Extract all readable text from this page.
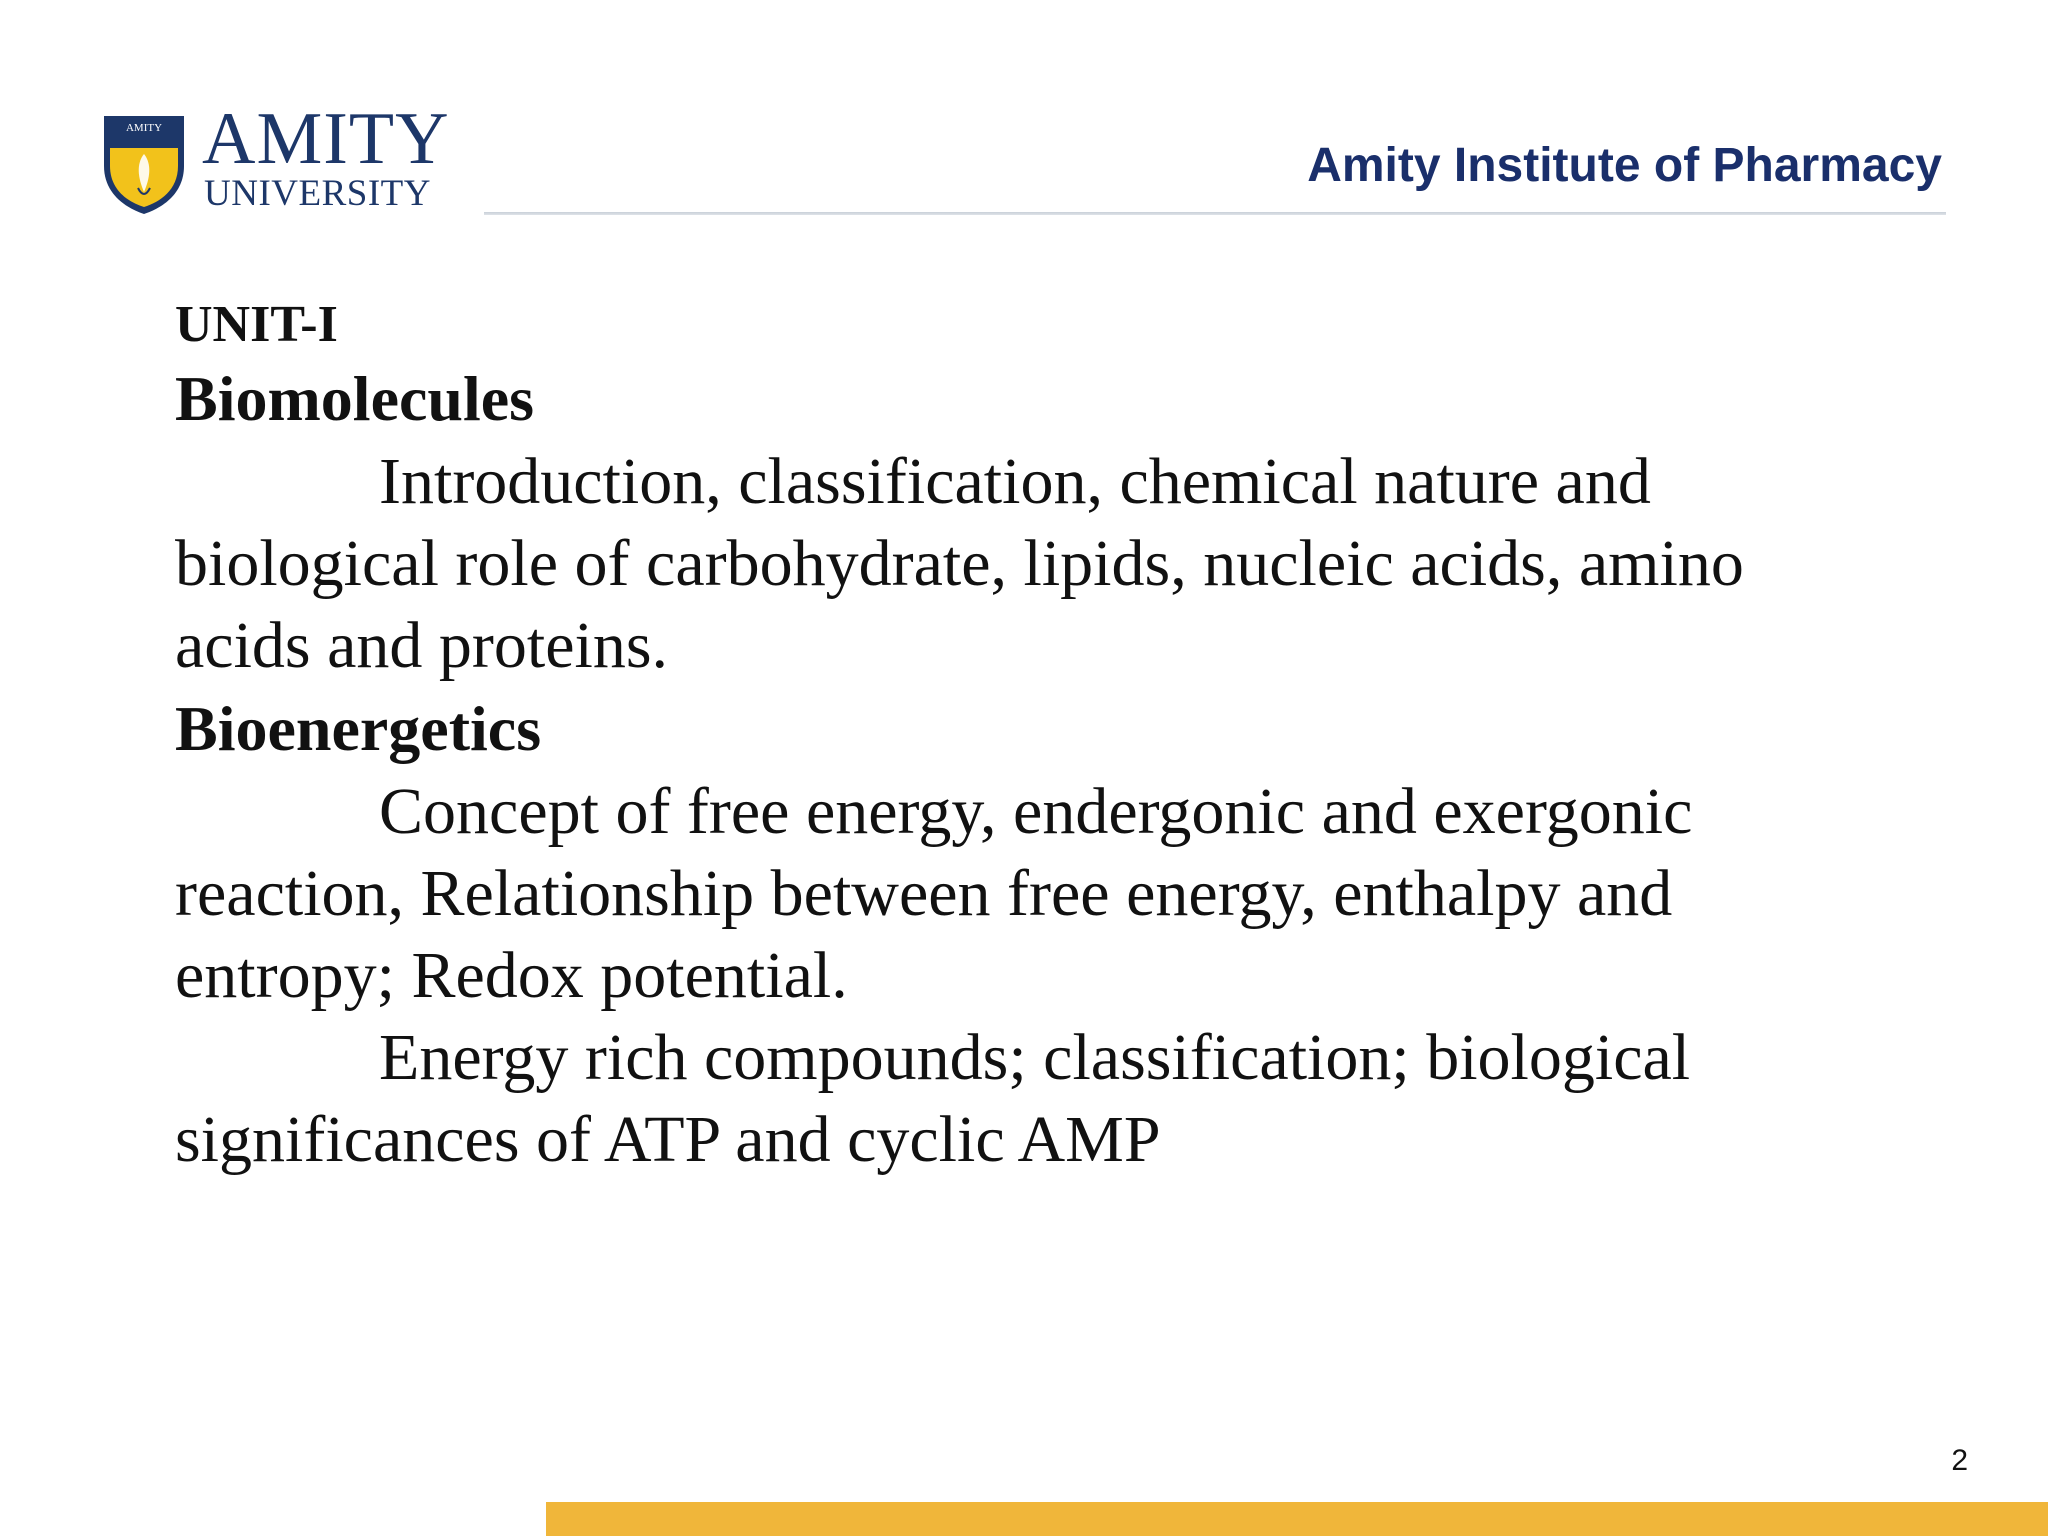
AMITY AMITY
UNIVERSITY
Amity Institute of Pharmacy

UNIT-I

Biomolecules

Introduction, classification, chemical nature and biological role of carbohydrate, lipids, nucleic acids, amino acids and proteins.

Bioenergetics

Concept of free energy, endergonic and exergonic reaction, Relationship between free energy, enthalpy and entropy; Redox potential.

Energy rich compounds; classification; biological significances of ATP and cyclic AMP

2
